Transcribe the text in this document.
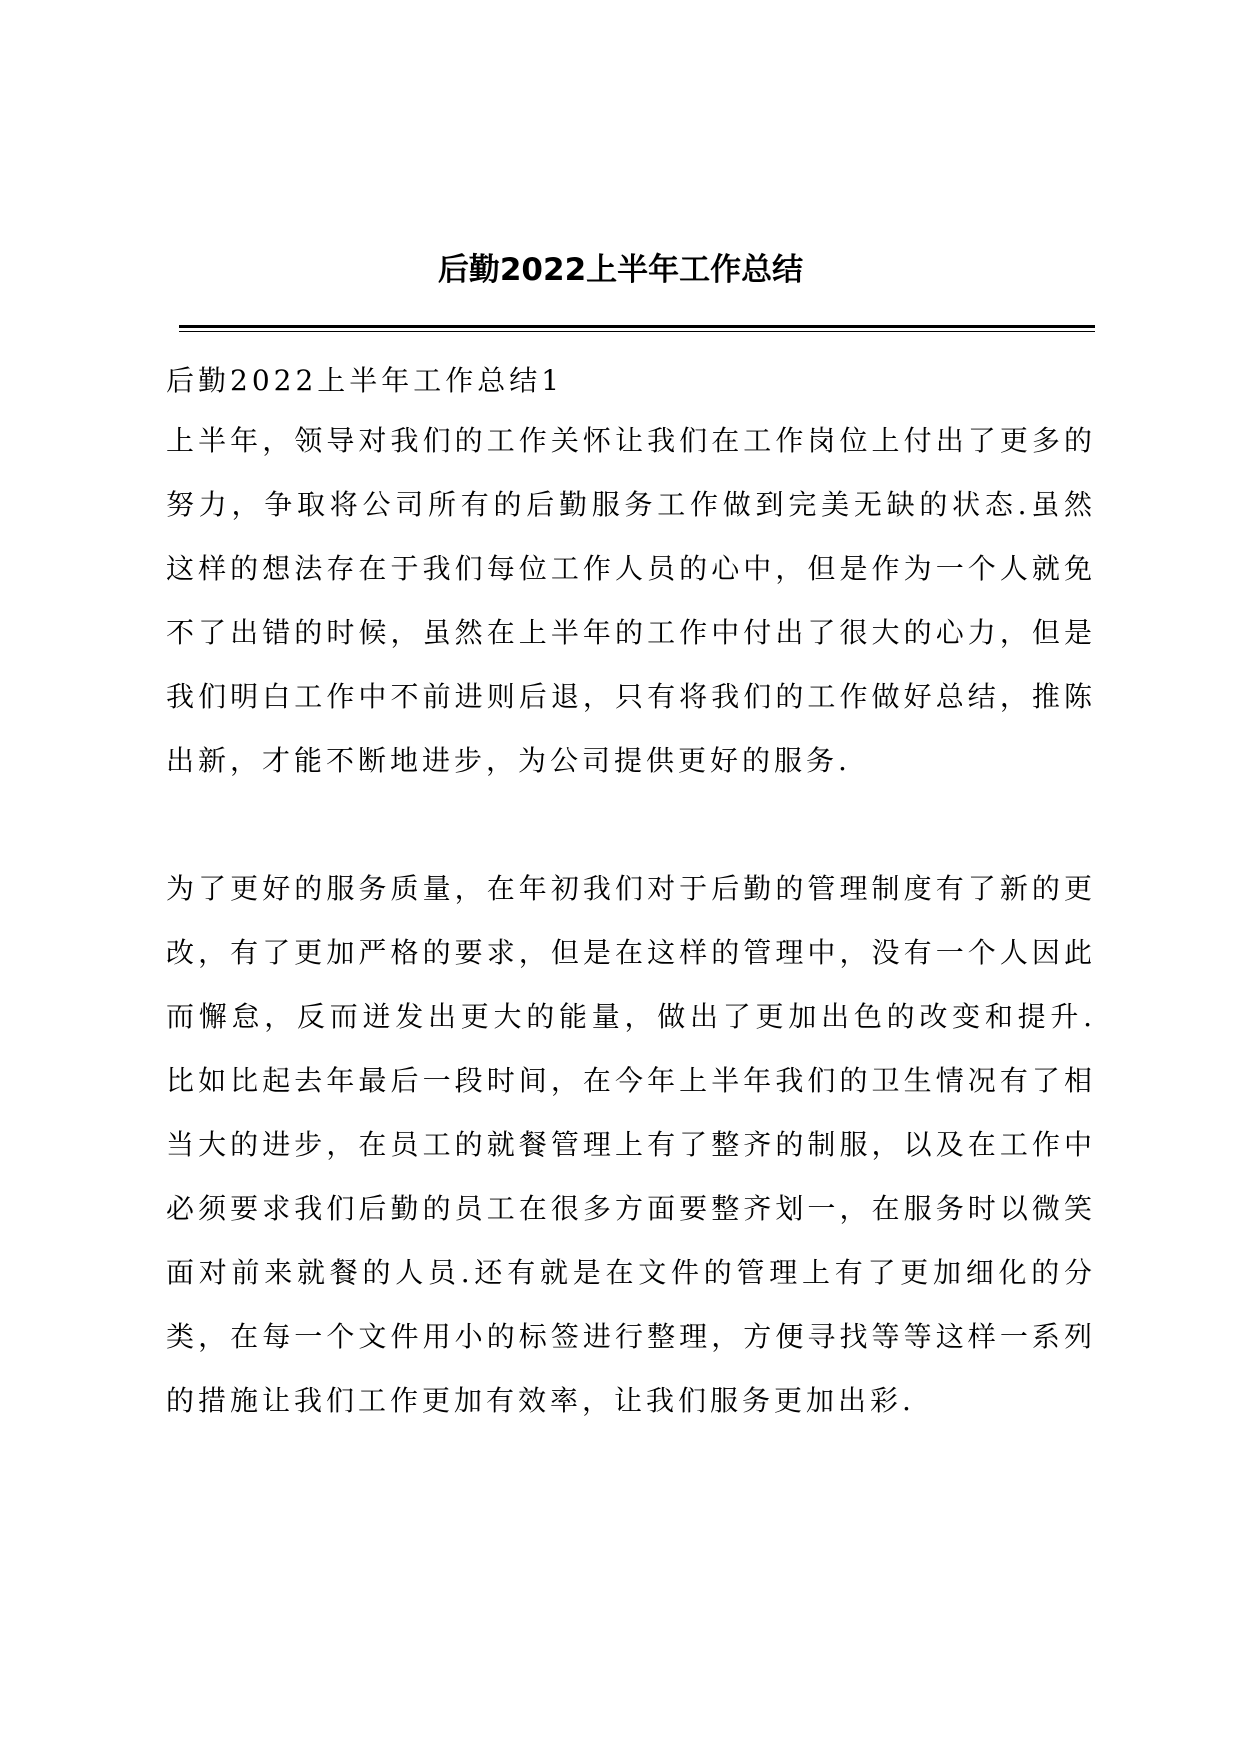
后勤2022上半年工作总结

后勤2022上半年工作总结1

上半年，领导对我们的工作关怀让我们在工作岗位上付出了更多的努力，争取将公司所有的后勤服务工作做到完美无缺的状态.虽然这样的想法存在于我们每位工作人员的心中，但是作为一个人就免不了出错的时候，虽然在上半年的工作中付出了很大的心力，但是我们明白工作中不前进则后退，只有将我们的工作做好总结，推陈出新，才能不断地进步，为公司提供更好的服务.

为了更好的服务质量，在年初我们对于后勤的管理制度有了新的更改，有了更加严格的要求，但是在这样的管理中，没有一个人因此而懈怠，反而迸发出更大的能量，做出了更加出色的改变和提升.比如比起去年最后一段时间，在今年上半年我们的卫生情况有了相当大的进步，在员工的就餐管理上有了整齐的制服，以及在工作中必须要求我们后勤的员工在很多方面要整齐划一，在服务时以微笑面对前来就餐的人员.还有就是在文件的管理上有了更加细化的分类，在每一个文件用小的标签进行整理，方便寻找等等这样一系列的措施让我们工作更加有效率，让我们服务更加出彩.
